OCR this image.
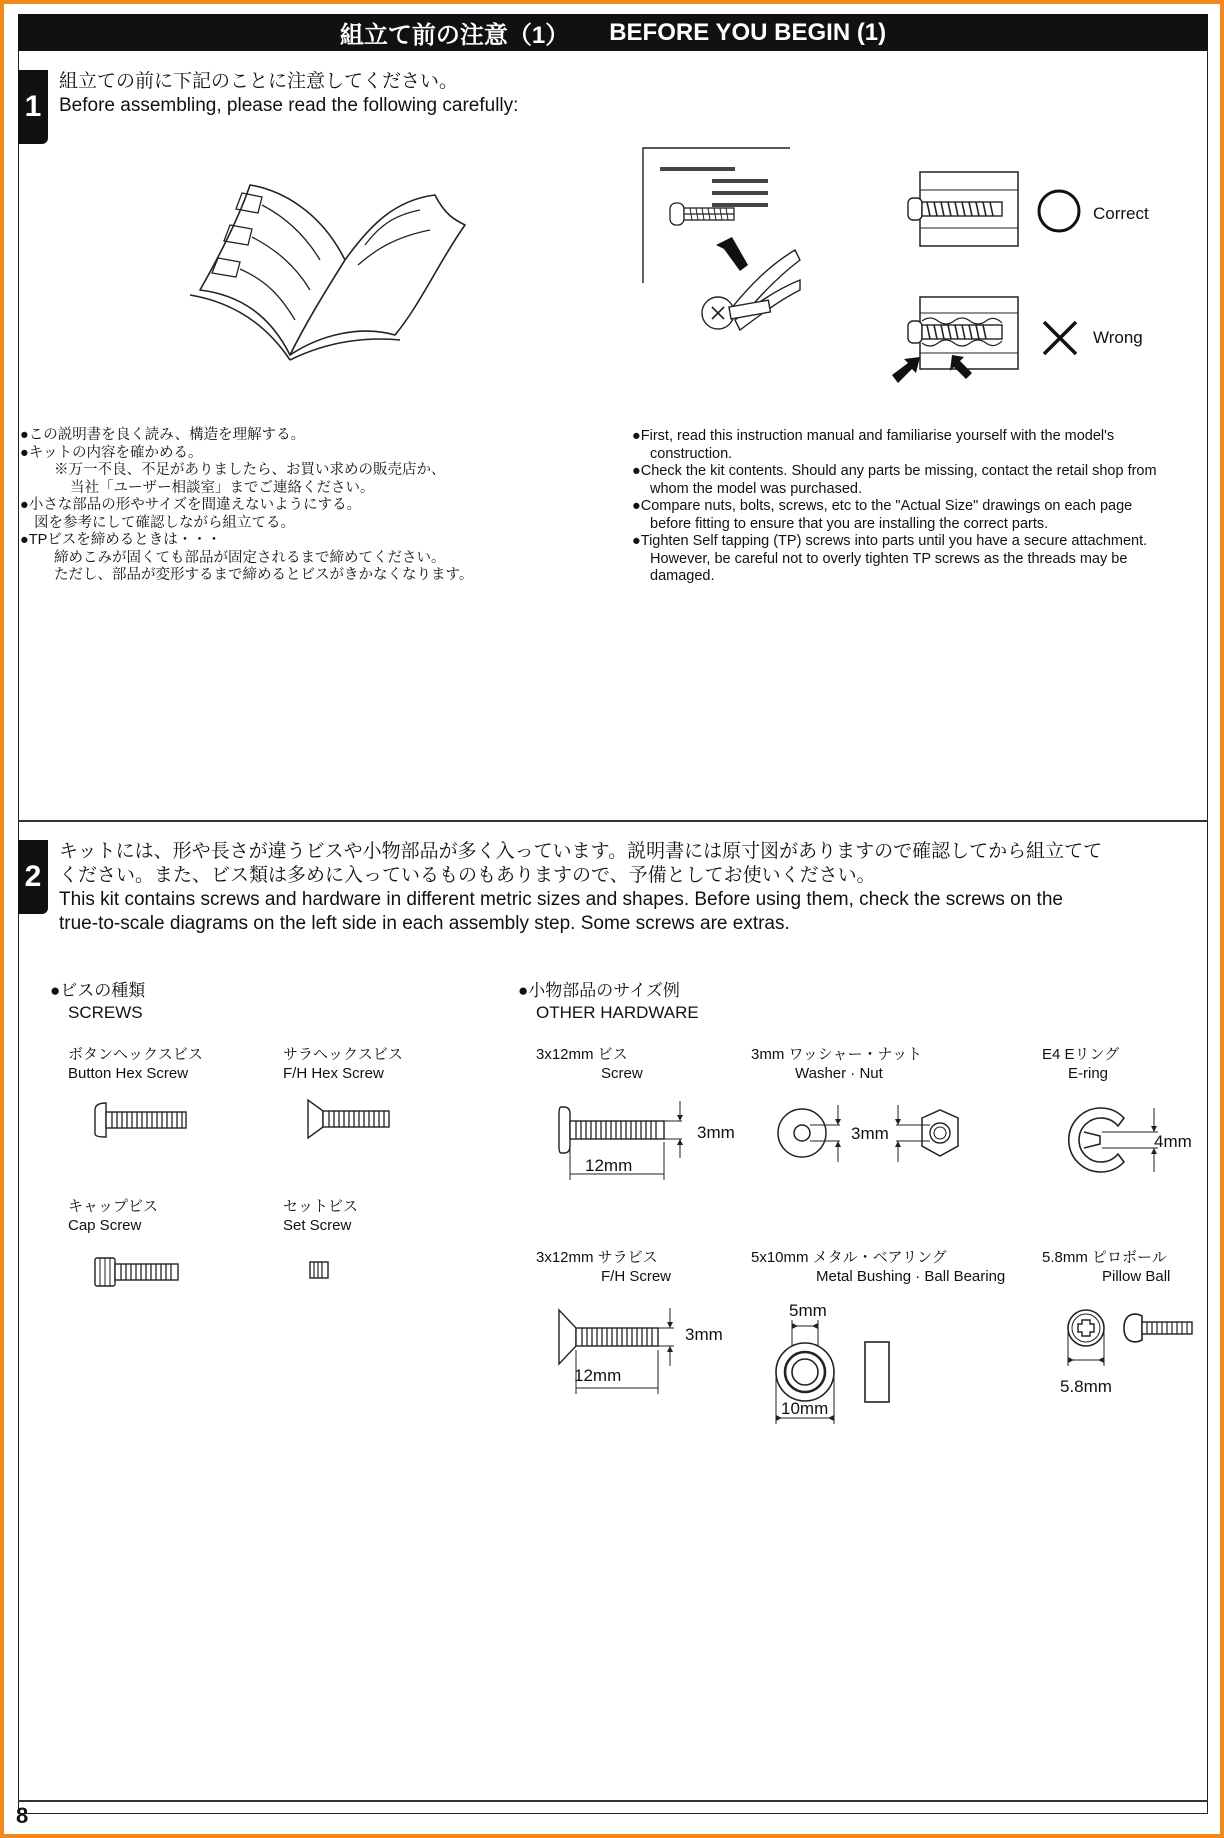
組立て前の注意（1）
BEFORE YOU BEGIN (1)
1
組立ての前に下記のことに注意してください。
Before assembling, please read the following carefully:
Correct
Wrong
●この説明書を良く読み、構造を理解する。
●キットの内容を確かめる。
※万一不良、不足がありましたら、お買い求めの販売店か、
当社「ユーザー相談室」までご連絡ください。
●小さな部品の形やサイズを間違えないようにする。
図を参考にして確認しながら組立てる。
●TPビスを締めるときは・・・
締めこみが固くても部品が固定されるまで締めてください。
ただし、部品が変形するまで締めるとビスがきかなくなります。
●First, read this instruction manual and familiarise yourself with the model's
construction.
●Check the kit contents. Should any parts be missing, contact the retail shop from
whom the model was purchased.
●Compare nuts, bolts, screws, etc to the "Actual Size" drawings on each page
before fitting to ensure that you are installing the correct parts.
●Tighten Self tapping (TP) screws into parts until you have a secure attachment.
However, be careful not to overly tighten TP screws as the threads may be
damaged.
2
キットには、形や長さが違うビスや小物部品が多く入っています。説明書には原寸図がありますので確認してから組立てて
ください。また、ビス類は多めに入っているものもありますので、予備としてお使いください。
This kit contains screws and hardware in different metric sizes and shapes. Before using them, check the screws on the
true-to-scale diagrams on the left side in each assembly step. Some screws are extras.
●ビスの種類
SCREWS
ボタンヘックスビス
Button Hex Screw
サラヘックスビス
F/H Hex Screw
キャップビス
Cap Screw
セットビス
Set Screw
●小物部品のサイズ例
OTHER HARDWARE
3x12mm ビス
Screw
3mm
12mm
3mm ワッシャー・ナット
Washer · Nut
3mm
E4 Eリング
E-ring
4mm
3x12mm サラビス
F/H Screw
3mm
12mm
5x10mm メタル・ベアリング
Metal Bushing · Ball Bearing
5mm
10mm
5.8mm ピロボール
Pillow Ball
5.8mm
8
